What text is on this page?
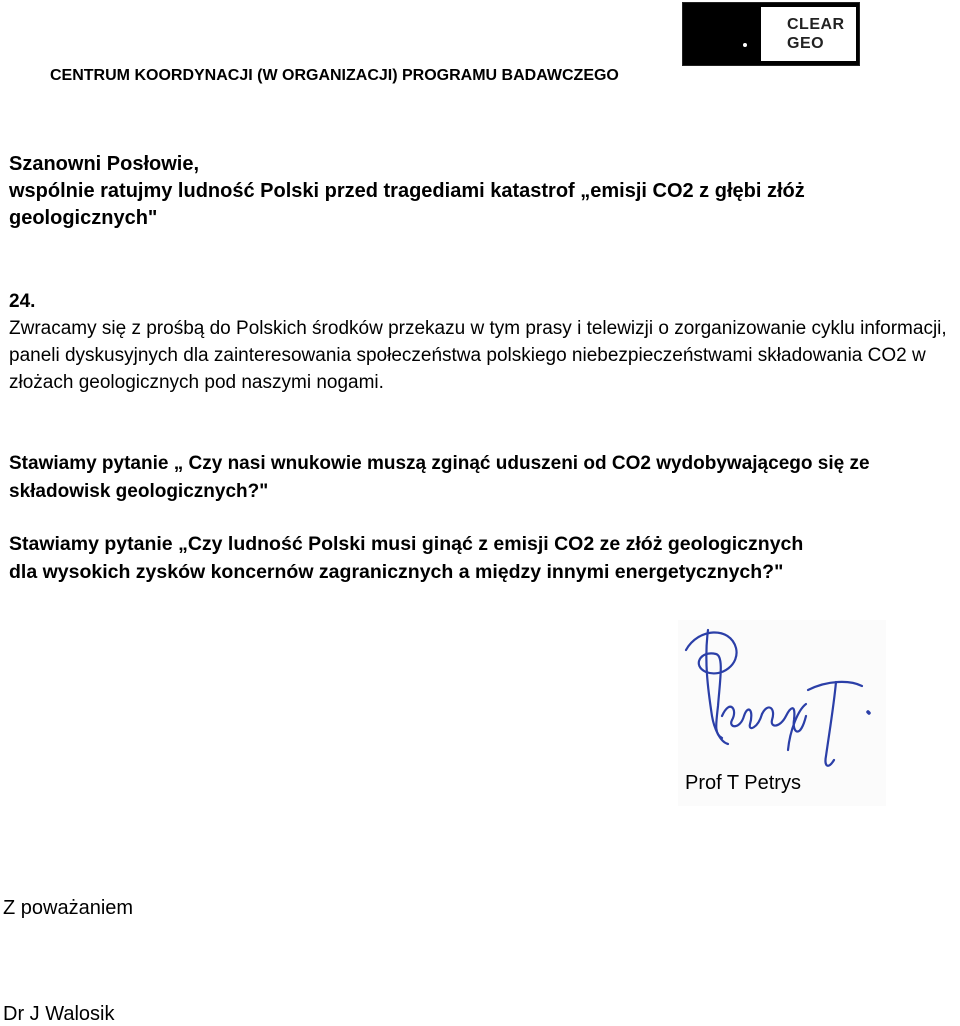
CLEAR
GEO
CENTRUM KOORDYNACJI (W ORGANIZACJI) PROGRAMU BADAWCZEGO
Szanowni Posłowie,
wspólnie ratujmy ludność Polski przed tragediami katastrof „emisji CO2 z głębi złóż geologicznych"
24.
Zwracamy się z prośbą do Polskich środków przekazu w tym prasy i telewizji o zorganizowanie cyklu informacji, paneli dyskusyjnych dla zainteresowania społeczeństwa polskiego niebezpieczeństwami składowania CO2 w złożach geologicznych pod naszymi nogami.
Stawiamy pytanie „ Czy nasi wnukowie muszą zginąć uduszeni od CO2 wydobywającego się ze składowisk geologicznych?"
Stawiamy pytanie „Czy ludność Polski musi ginąć z emisji CO2 ze złóż geologicznych
dla wysokich zysków koncernów zagranicznych a między innymi energetycznych?"
Prof T Petrys
Z poważaniem
Dr J Walosik
